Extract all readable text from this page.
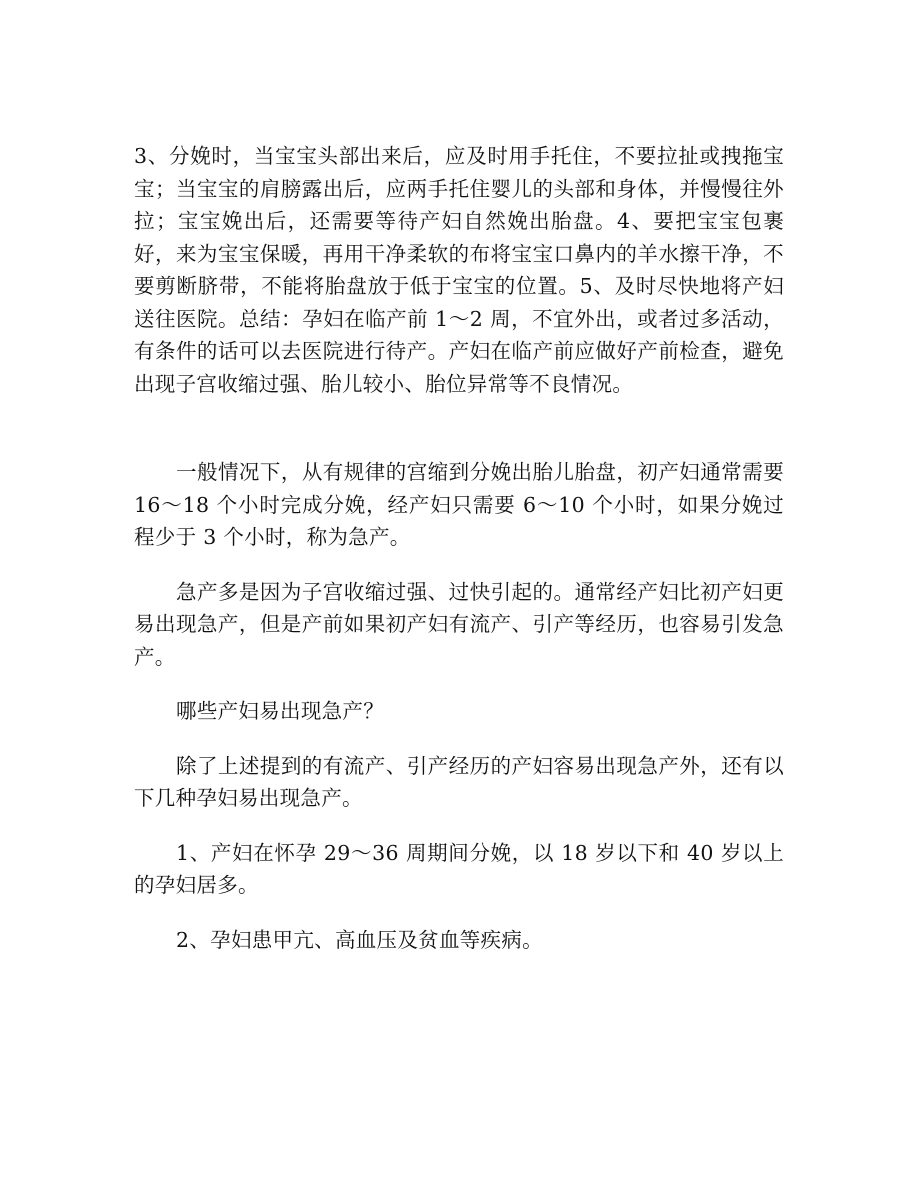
3、分娩时，当宝宝头部出来后，应及时用手托住，不要拉扯或拽拖宝宝；当宝宝的肩膀露出后，应两手托住婴儿的头部和身体，并慢慢往外拉；宝宝娩出后，还需要等待产妇自然娩出胎盘。4、要把宝宝包裹好，来为宝宝保暖，再用干净柔软的布将宝宝口鼻内的羊水擦干净，不要剪断脐带，不能将胎盘放于低于宝宝的位置。5、及时尽快地将产妇送往医院。总结：孕妇在临产前 1～2 周，不宜外出，或者过多活动，有条件的话可以去医院进行待产。产妇在临产前应做好产前检查，避免出现子宫收缩过强、胎儿较小、胎位异常等不良情况。

一般情况下，从有规律的宫缩到分娩出胎儿胎盘，初产妇通常需要 16～18 个小时完成分娩，经产妇只需要 6～10 个小时，如果分娩过程少于 3 个小时，称为急产。

急产多是因为子宫收缩过强、过快引起的。通常经产妇比初产妇更易出现急产，但是产前如果初产妇有流产、引产等经历，也容易引发急产。

哪些产妇易出现急产？

除了上述提到的有流产、引产经历的产妇容易出现急产外，还有以下几种孕妇易出现急产。

1、产妇在怀孕 29～36 周期间分娩，以 18 岁以下和 40 岁以上的孕妇居多。

2、孕妇患甲亢、高血压及贫血等疾病。
